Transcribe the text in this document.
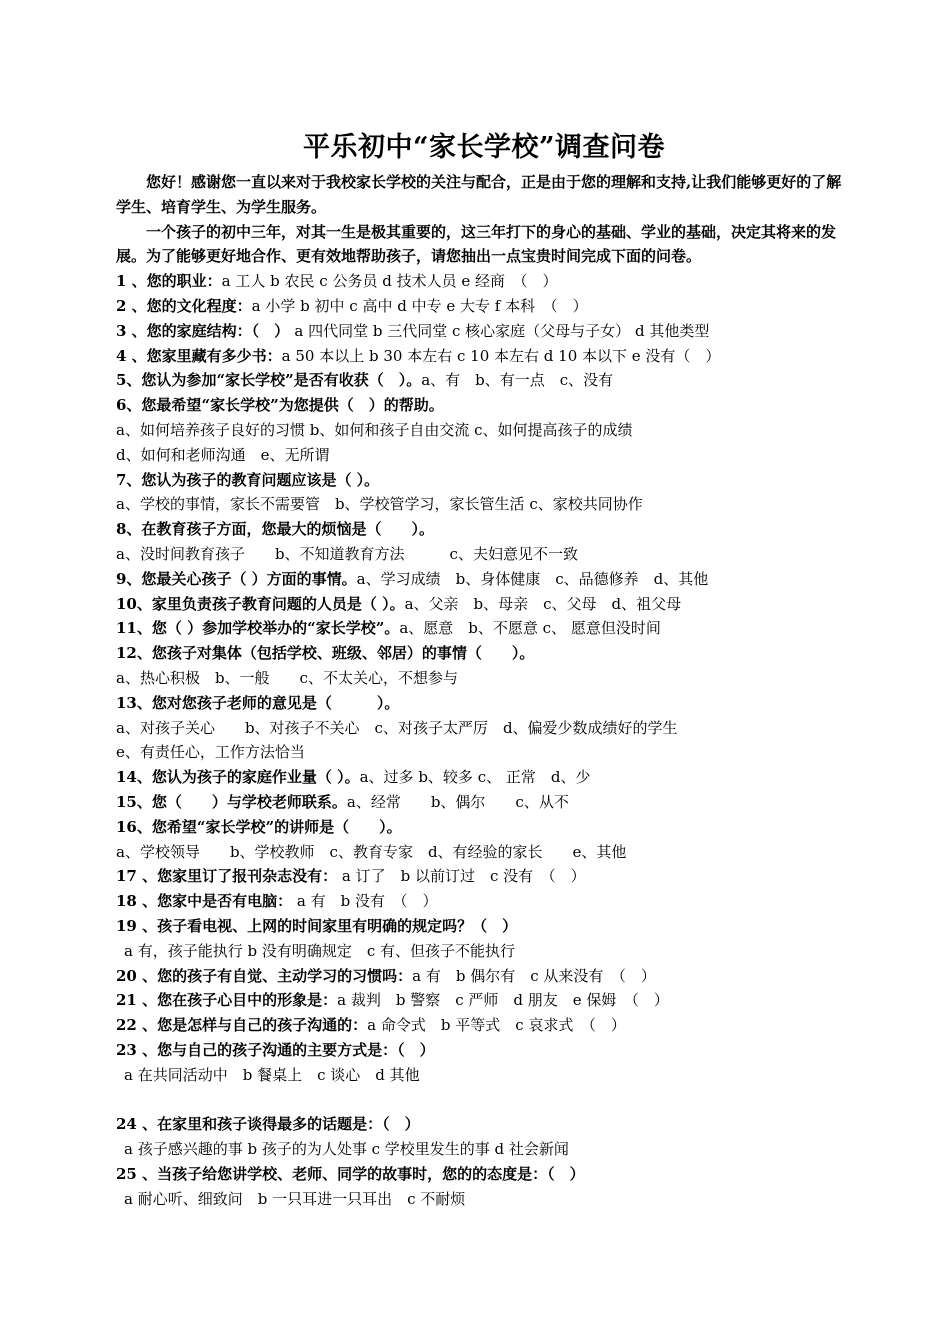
平乐初中“家长学校”调查问卷

您好！感谢您一直以来对于我校家长学校的关注与配合，正是由于您的理解和支持,让我们能够更好的了解学生、培育学生、为学生服务。

一个孩子的初中三年，对其一生是极其重要的，这三年打下的身心的基础、学业的基础，决定其将来的发展。为了能够更好地合作、更有效地帮助孩子，请您抽出一点宝贵时间完成下面的问卷。

1 、您的职业：a 工人 b 农民 c 公务员 d 技术人员 e 经商　（　）
2 、您的文化程度：a 小学 b 初中 c 高中 d 中专 e 大专 f 本科　（　）
3 、您的家庭结构：（　） a 四代同堂 b 三代同堂 c 核心家庭（父母与子女） d 其他类型
4 、您家里藏有多少书：a 50 本以上 b 30 本左右 c 10 本左右 d 10 本以下 e 没有（　）
5、您认为参加“家长学校”是否有收获（　）。a、有　b、有一点　c、没有
6、您最希望“家长学校”为您提供（　）的帮助。
a、如何培养孩子良好的习惯 b、如何和孩子自由交流 c、如何提高孩子的成绩
d、如何和老师沟通　e、无所谓
7、您认为孩子的教育问题应该是（ ）。
a、学校的事情，家长不需要管　b、学校管学习，家长管生活 c、家校共同协作
8、在教育孩子方面，您最大的烦恼是（　　）。
a、没时间教育孩子　　b、不知道教育方法　　　c、夫妇意见不一致
9、您最关心孩子（ ）方面的事情。a、学习成绩　b、身体健康　c、品德修养　d、其他
10、家里负责孩子教育问题的人员是（ ）。a、父亲　b、母亲　c、父母　d、祖父母
11、您（ ）参加学校举办的“家长学校”。a、愿意　b、不愿意 c、 愿意但没时间
12、您孩子对集体（包括学校、班级、邻居）的事情（　　）。
a、热心积极　b、一般　　c、不太关心，不想参与
13、您对您孩子老师的意见是（　　　）。
a、对孩子关心　　b、对孩子不关心　c、对孩子太严厉　d、偏爱少数成绩好的学生
e、有责任心，工作方法恰当
14、您认为孩子的家庭作业量（ ）。a、过多 b、较多 c、 正常　d、少
15、您（　　）与学校老师联系。a、经常　　b、偶尔　　c、从不
16、您希望“家长学校”的讲师是（　　）。
a、学校领导　　b、学校教师　c、教育专家　d、有经验的家长　　e、其他
17 、您家里订了报刊杂志没有： a 订了　b 以前订过　c 没有　（　）
18 、您家中是否有电脑： a 有　b 没有　（　）
19 、孩子看电视、上网的时间家里有明确的规定吗？（　）
a 有，孩子能执行 b 没有明确规定　c 有、但孩子不能执行
20 、您的孩子有自觉、主动学习的习惯吗：a 有　b 偶尔有　c 从来没有　（　）
21 、您在孩子心目中的形象是：a 裁判　b 警察　c 严师　d 朋友　e 保姆　（　）
22 、您是怎样与自己的孩子沟通的：a 命令式　b 平等式　c 哀求式　（　）
23 、您与自己的孩子沟通的主要方式是：（　）
a 在共同活动中　b 餐桌上　c 谈心　d 其他
24 、在家里和孩子谈得最多的话题是：（　）
a 孩子感兴趣的事 b 孩子的为人处事 c 学校里发生的事 d 社会新闻
25 、当孩子给您讲学校、老师、同学的故事时，您的的态度是：（　）
a 耐心听、细致问　b 一只耳进一只耳出　c 不耐烦
